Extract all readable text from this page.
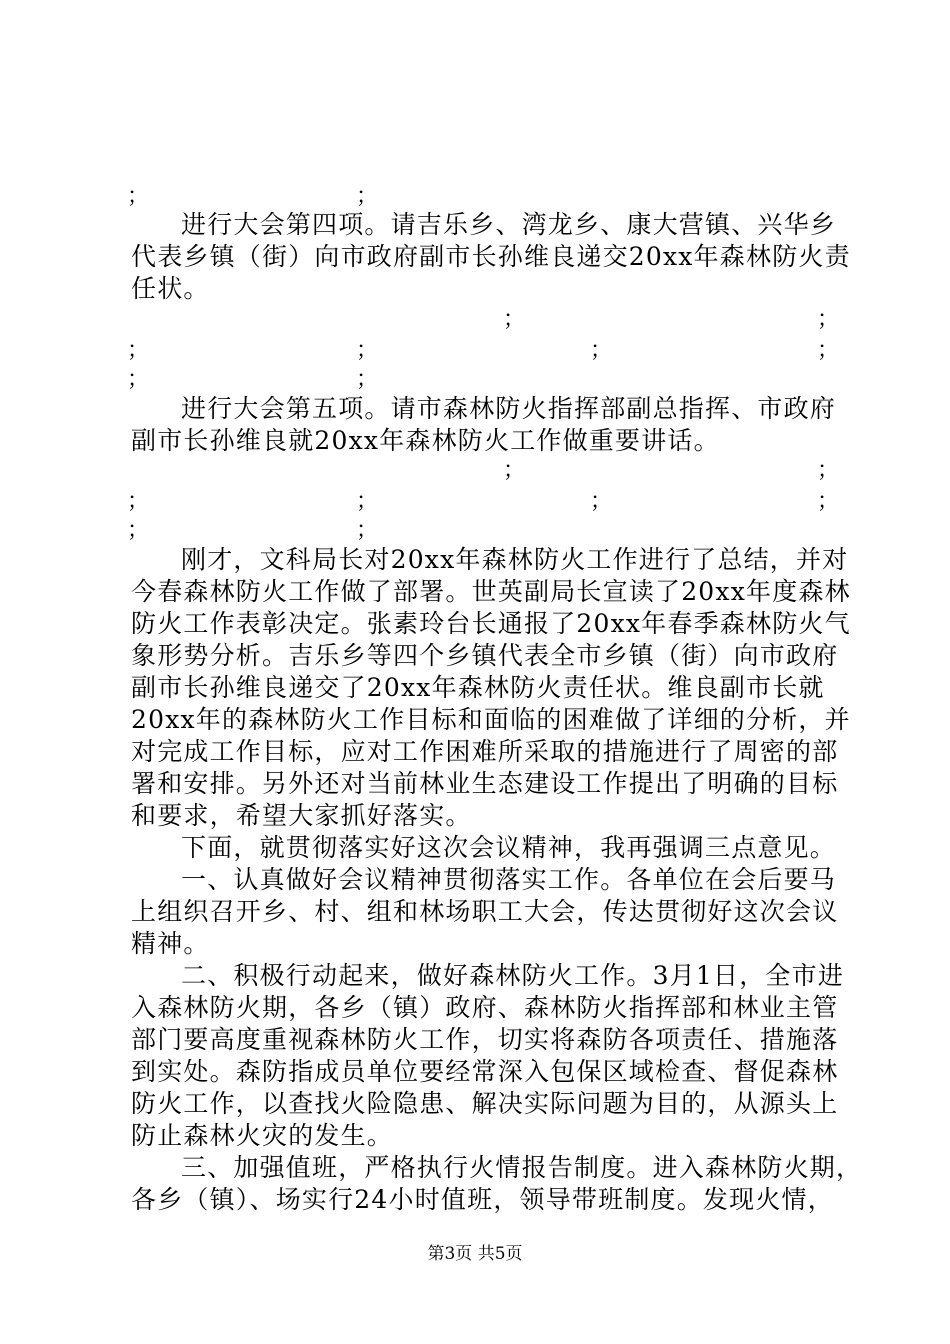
；	；
进行大会第四项。请吉乐乡、湾龙乡、康大营镇、兴华乡
代表乡镇（街）向市政府副市长孙维良递交20xx年森林防火责
任状。
；	；
；	；	；	；
；	；
进行大会第五项。请市森林防火指挥部副总指挥、市政府
副市长孙维良就20xx年森林防火工作做重要讲话。
；	；
；	；	；	；
；	；
刚才，文科局长对20xx年森林防火工作进行了总结，并对
今春森林防火工作做了部署。世英副局长宣读了20xx年度森林
防火工作表彰决定。张素玲台长通报了20xx年春季森林防火气
象形势分析。吉乐乡等四个乡镇代表全市乡镇（街）向市政府
副市长孙维良递交了20xx年森林防火责任状。维良副市长就
20xx年的森林防火工作目标和面临的困难做了详细的分析，并
对完成工作目标，应对工作困难所采取的措施进行了周密的部
署和安排。另外还对当前林业生态建设工作提出了明确的目标
和要求，希望大家抓好落实。
下面，就贯彻落实好这次会议精神，我再强调三点意见。
一、认真做好会议精神贯彻落实工作。各单位在会后要马
上组织召开乡、村、组和林场职工大会，传达贯彻好这次会议
精神。
二、积极行动起来，做好森林防火工作。3月1日，全市进
入森林防火期，各乡（镇）政府、森林防火指挥部和林业主管
部门要高度重视森林防火工作，切实将森防各项责任、措施落
到实处。森防指成员单位要经常深入包保区域检查、督促森林
防火工作，以查找火险隐患、解决实际问题为目的，从源头上
防止森林火灾的发生。
三、加强值班，严格执行火情报告制度。进入森林防火期，
各乡（镇）、场实行24小时值班，领导带班制度。发现火情，
第3页 共5页
